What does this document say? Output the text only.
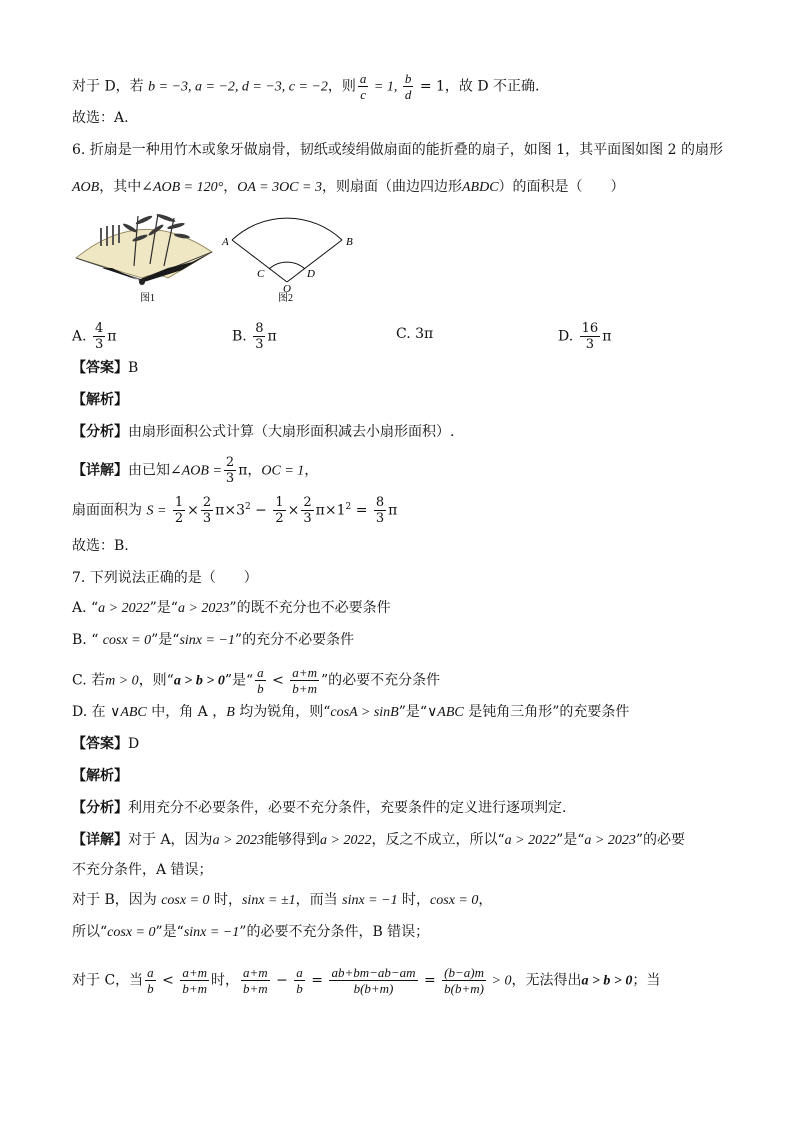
对于 D，若 b = −3, a = −2, d = −3, c = −2，则 $\frac{a}{c} = 1$, $\frac{b}{d} = 1$，故 D 不正确.
故选：A.
6. 折扇是一种用竹木或象牙做扇骨，韧纸或绫绢做扇面的能折叠的扇子，如图 1，其平面图如图 2 的扇形
AOB，其中∠AOB = 120°，OA = 3OC = 3，则扇面（曲边四边形ABDC）的面积是（　　）
图1
A	B
C	D
O
图2
A. $\frac{4}{3}$ π	B. $\frac{8}{3}$ π	C. 3π	D. $\frac{16}{3}$ π
【答案】B
【解析】
【分析】由扇形面积公式计算（大扇形面积减去小扇形面积）.
【详解】由已知∠AOB = $\frac{2}{3}$ π，OC = 1，
扇面面积为 $S = \frac{1}{2} \times \frac{2}{3} \pi\times 3^2 - \frac{1}{2} \times \frac{2}{3} \pi\times 1^2 = \frac{8}{3}$ π
故选：B.
7. 下列说法正确的是（　　）
A. “a > 2022”是“a > 2023”的既不充分也不必要条件
B. “ cosx = 0”是“sinx = −1”的充分不必要条件
C. 若m > 0，则“a > b > 0”是“ $\frac{a}{b} < \frac{a+m}{b+m}$ ”的必要不充分条件
D. 在 ∨ABC 中，角 A ，B 均为锐角，则“cosA > sinB”是“∨ABC 是钝角三角形”的充要条件
【答案】D
【解析】
【分析】利用充分不必要条件，必要不充分条件，充要条件的定义进行逐项判定.
【详解】对于 A，因为a > 2023能够得到a > 2022，反之不成立，所以“a > 2022”是“a > 2023”的必要
不充分条件，A 错误；
对于 B，因为 cosx = 0 时，sinx = ±1，而当 sinx = −1 时，cosx = 0，
所以“cosx = 0”是“sinx = −1”的必要不充分条件，B 错误；
对于 C，当 $\frac{a}{b} < \frac{a+m}{b+m}$ 时， $\frac{a+m}{b+m} - \frac{a}{b} = \frac{ab+bm-ab-am}{b(b+m)} = \frac{(b-a)m}{b(b+m)} > 0$，无法得出a > b > 0；当
